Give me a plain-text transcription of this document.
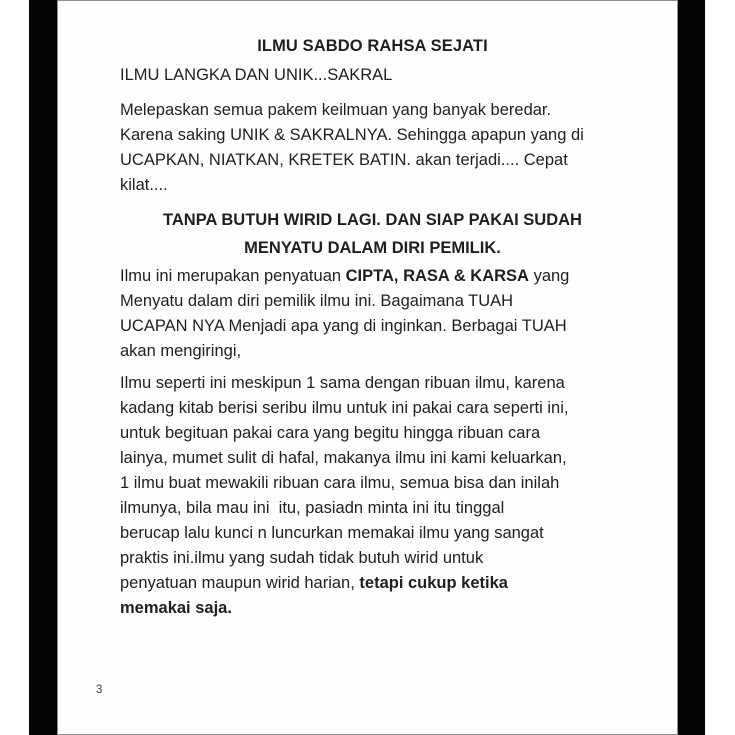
ILMU SABDO RAHSA SEJATI
ILMU LANGKA DAN UNIK...SAKRAL
Melepaskan semua pakem keilmuan yang banyak beredar.
Karena saking UNIK & SAKRALNYA. Sehingga apapun yang di
UCAPKAN, NIATKAN, KRETEK BATIN. akan terjadi.... Cepat
kilat....
TANPA BUTUH WIRID LAGI. DAN SIAP PAKAI SUDAH
MENYATU DALAM DIRI PEMILIK.
Ilmu ini merupakan penyatuan CIPTA, RASA & KARSA yang
Menyatu dalam diri pemilik ilmu ini. Bagaimana TUAH
UCAPAN NYA Menjadi apa yang di inginkan. Berbagai TUAH
akan mengiringi,
Ilmu seperti ini meskipun 1 sama dengan ribuan ilmu, karena
kadang kitab berisi seribu ilmu untuk ini pakai cara seperti ini,
untuk begituan pakai cara yang begitu hingga ribuan cara
lainya, mumet sulit di hafal, makanya ilmu ini kami keluarkan,
1 ilmu buat mewakili ribuan cara ilmu, semua bisa dan inilah
ilmunya, bila mau ini  itu, pasiadn minta ini itu tinggal
berucap lalu kunci n luncurkan memakai ilmu yang sangat
praktis ini.ilmu yang sudah tidak butuh wirid untuk
penyatuan maupun wirid harian, tetapi cukup ketika
memakai saja.
3
